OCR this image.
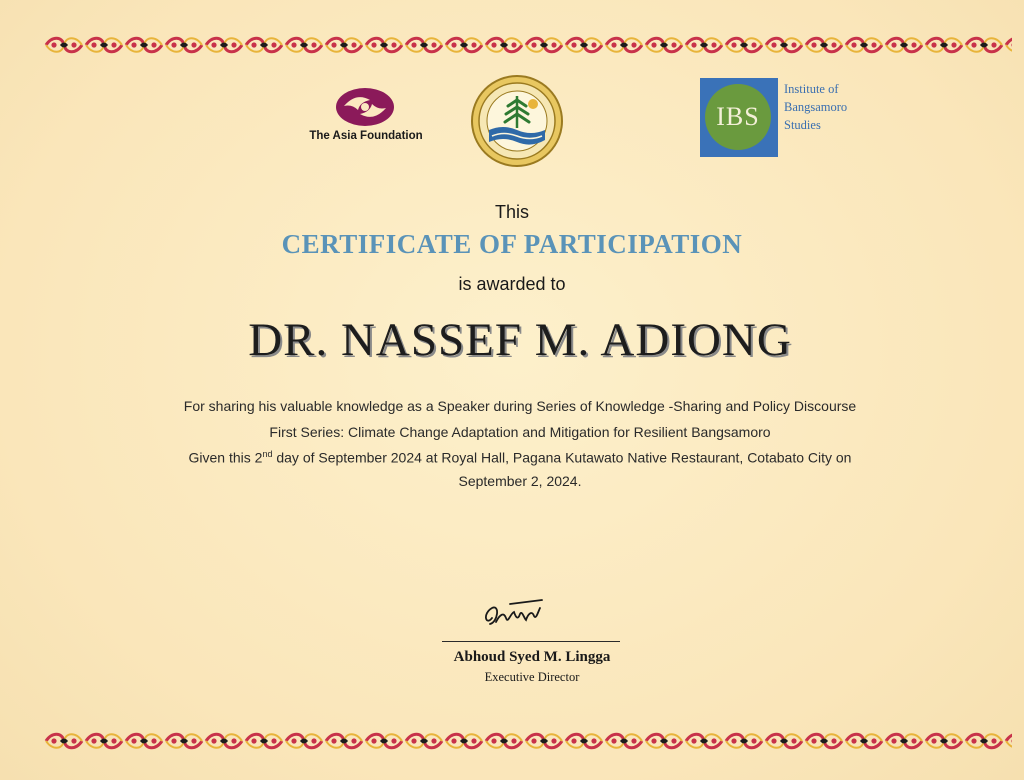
The Asia Foundation
IBS
Institute of
Bangsamoro
Studies
This
CERTIFICATE OF PARTICIPATION
is awarded to
DR. NASSEF M. ADIONG
For sharing his valuable knowledge as a Speaker during Series of Knowledge -Sharing and Policy Discourse
First Series: Climate Change Adaptation and Mitigation for Resilient Bangsamoro
Given this 2nd day of September 2024 at Royal Hall, Pagana Kutawato Native Restaurant, Cotabato City on
September 2, 2024.
Abhoud Syed M. Lingga
Executive Director
